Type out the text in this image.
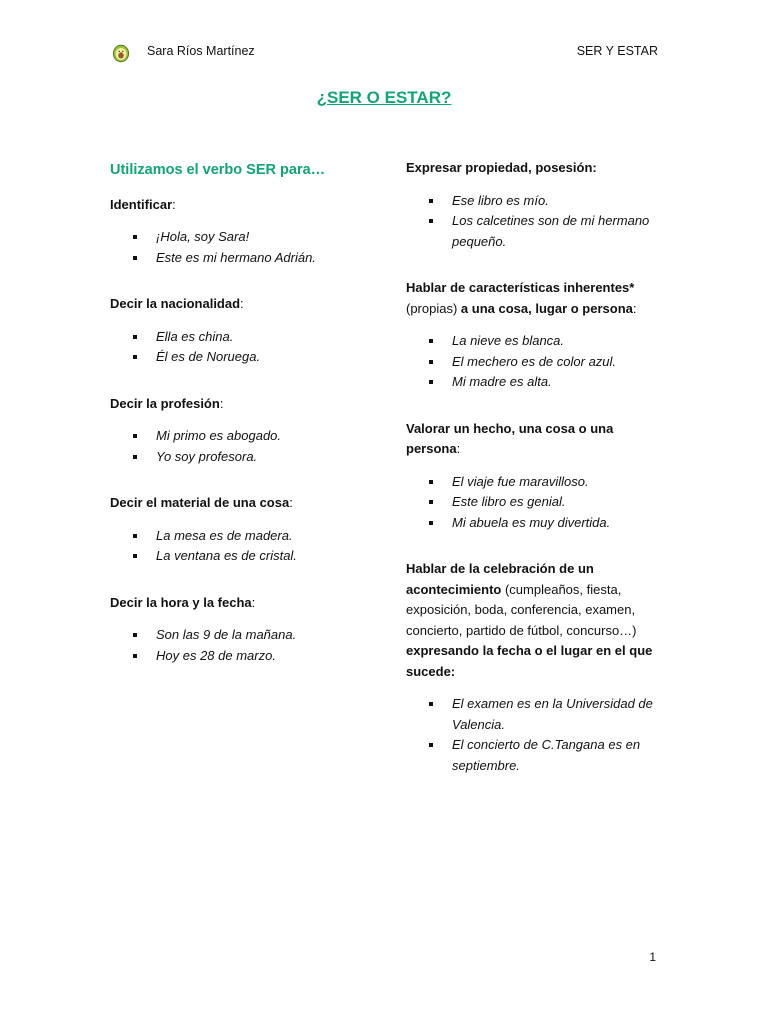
Sara Ríos Martínez	SER Y ESTAR
¿SER O ESTAR?
Utilizamos el verbo SER para…

Identificar:

¡Hola, soy Sara!
Este es mi hermano Adrián.

Decir la nacionalidad:

Ella es china.
Él es de Noruega.

Decir la profesión:

Mi primo es abogado.
Yo soy profesora.

Decir el material de una cosa:

La mesa es de madera.
La ventana es de cristal.

Decir la hora y la fecha:

Son las 9 de la mañana.
Hoy es 28 de marzo.

Expresar propiedad, posesión:

Ese libro es mío.
Los calcetines son de mi hermano pequeño.

Hablar de características inherentes* (propias) a una cosa, lugar o persona:

La nieve es blanca.
El mechero es de color azul.
Mi madre es alta.

Valorar un hecho, una cosa o una persona:

El viaje fue maravilloso.
Este libro es genial.
Mi abuela es muy divertida.

Hablar de la celebración de un acontecimiento (cumpleaños, fiesta, exposición, boda, conferencia, examen, concierto, partido de fútbol, concurso…) expresando la fecha o el lugar en el que sucede:

El examen es en la Universidad de Valencia.
El concierto de C.Tangana es en septiembre.
1
